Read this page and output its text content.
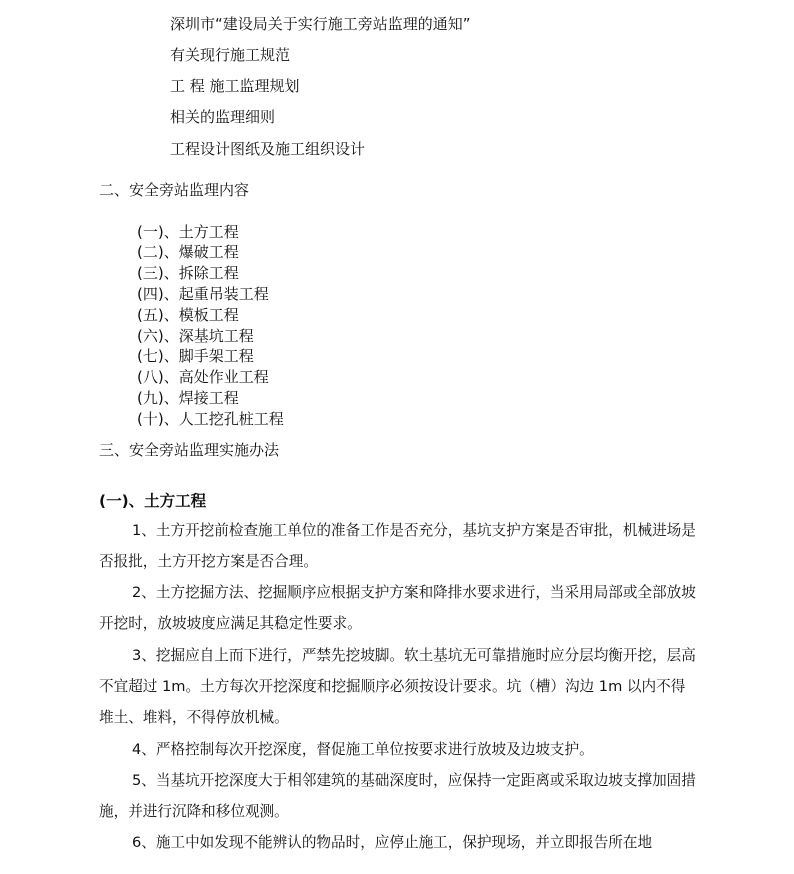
深圳市“建设局关于实行施工旁站监理的通知”
有关现行施工规范
工 程 施工监理规划
相关的监理细则
工程设计图纸及施工组织设计
二、安全旁站监理内容
(一)、土方工程
(二)、爆破工程
(三)、拆除工程
(四)、起重吊装工程
(五)、模板工程
(六)、深基坑工程
(七)、脚手架工程
(八)、高处作业工程
(九)、焊接工程
(十)、人工挖孔桩工程
三、安全旁站监理实施办法
(一)、土方工程
1、土方开挖前检查施工单位的准备工作是否充分，基坑支护方案是否审批，机械进场是否报批，土方开挖方案是否合理。
2、土方挖掘方法、挖掘顺序应根据支护方案和降排水要求进行，当采用局部或全部放坡开挖时，放坡坡度应满足其稳定性要求。
3、挖掘应自上而下进行，严禁先挖坡脚。软土基坑无可靠措施时应分层均衡开挖，层高不宜超过 1m。土方每次开挖深度和挖掘顺序必须按设计要求。坑（槽）沟边 1m 以内不得堆土、堆料，不得停放机械。
4、严格控制每次开挖深度，督促施工单位按要求进行放坡及边坡支护。
5、当基坑开挖深度大于相邻建筑的基础深度时，应保持一定距离或采取边坡支撑加固措施，并进行沉降和移位观测。
6、施工中如发现不能辨认的物品时，应停止施工，保护现场，并立即报告所在地
